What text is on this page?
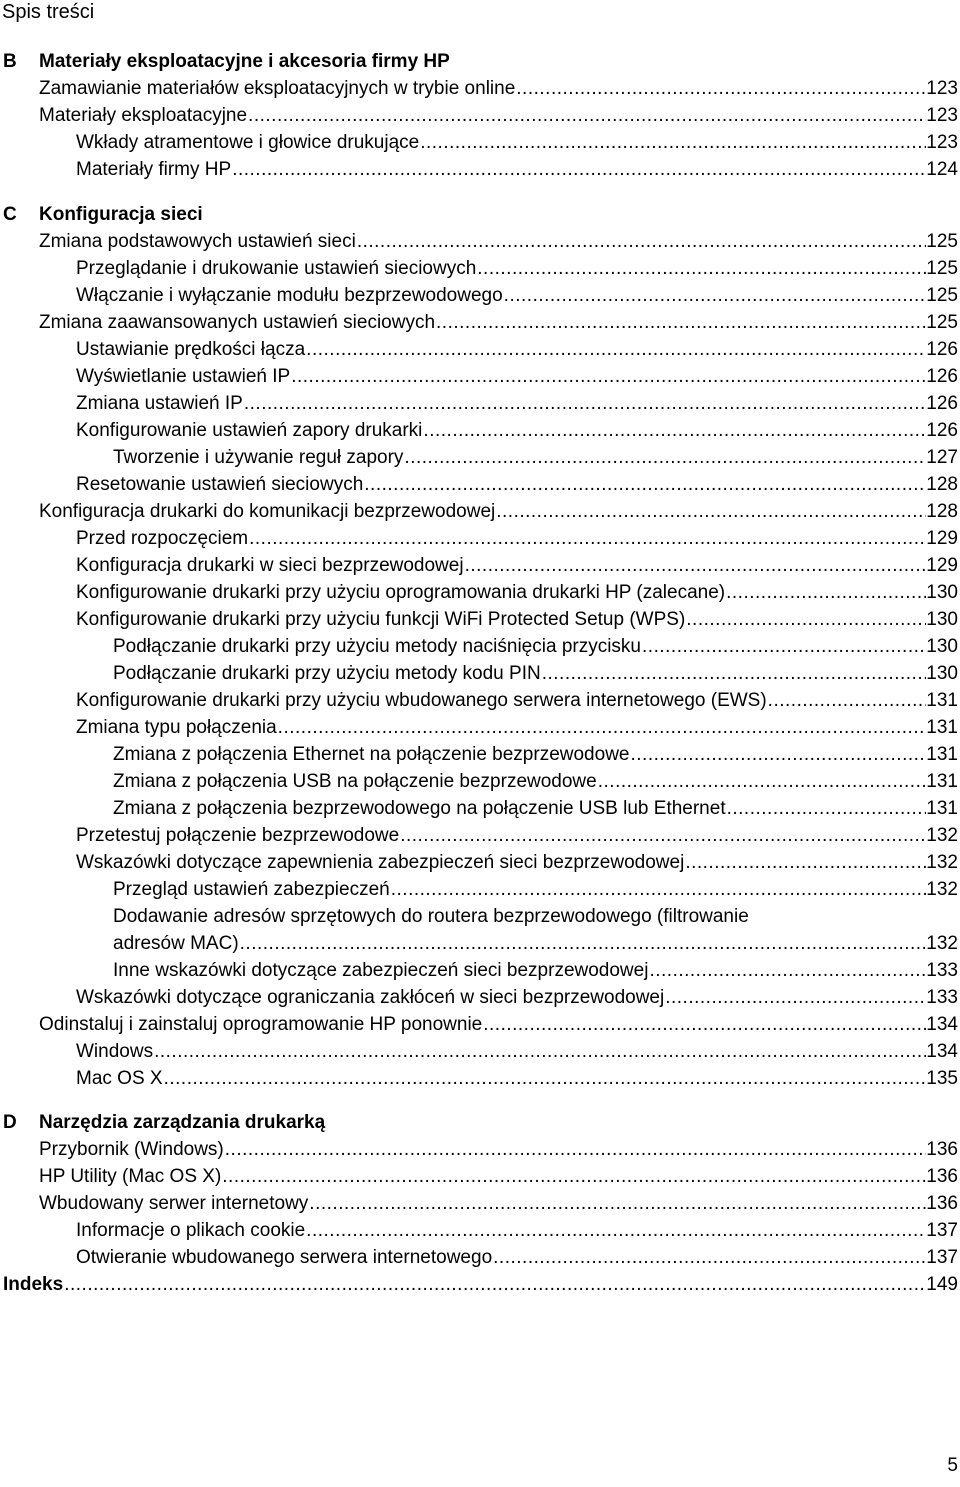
Spis treści
B Materiały eksploatacyjne i akcesoria firmy HP
Zamawianie materiałów eksploatacyjnych w trybie online .....	123
Materiały eksploatacyjne .....	123
Wkłady atramentowe i głowice drukujące .....	123
Materiały firmy HP .....	124
C Konfiguracja sieci
Zmiana podstawowych ustawień sieci .....	125
Przeglądanie i drukowanie ustawień sieciowych .....	125
Włączanie i wyłączanie modułu bezprzewodowego .....	125
Zmiana zaawansowanych ustawień sieciowych .....	125
Ustawianie prędkości łącza .....	126
Wyświetlanie ustawień IP .....	126
Zmiana ustawień IP .....	126
Konfigurowanie ustawień zapory drukarki .....	126
Tworzenie i używanie reguł zapory .....	127
Resetowanie ustawień sieciowych .....	128
Konfiguracja drukarki do komunikacji bezprzewodowej .....	128
Przed rozpoczęciem .....	129
Konfiguracja drukarki w sieci bezprzewodowej .....	129
Konfigurowanie drukarki przy użyciu oprogramowania drukarki HP (zalecane) .....	130
Konfigurowanie drukarki przy użyciu funkcji WiFi Protected Setup (WPS) .....	130
Podłączanie drukarki przy użyciu metody naciśnięcia przycisku .....	130
Podłączanie drukarki przy użyciu metody kodu PIN .....	130
Konfigurowanie drukarki przy użyciu wbudowanego serwera internetowego (EWS) .....	131
Zmiana typu połączenia .....	131
Zmiana z połączenia Ethernet na połączenie bezprzewodowe .....	131
Zmiana z połączenia USB na połączenie bezprzewodowe .....	131
Zmiana z połączenia bezprzewodowego na połączenie USB lub Ethernet .....	131
Przetestuj połączenie bezprzewodowe .....	132
Wskazówki dotyczące zapewnienia zabezpieczeń sieci bezprzewodowej .....	132
Przegląd ustawień zabezpieczeń .....	132
Dodawanie adresów sprzętowych do routera bezprzewodowego (filtrowanie
adresów MAC) .....	132
Inne wskazówki dotyczące zabezpieczeń sieci bezprzewodowej .....	133
Wskazówki dotyczące ograniczania zakłóceń w sieci bezprzewodowej .....	133
Odinstaluj i zainstaluj oprogramowanie HP ponownie .....	134
Windows .....	134
Mac OS X .....	135
D Narzędzia zarządzania drukarką
Przybornik (Windows) .....	136
HP Utility (Mac OS X) .....	136
Wbudowany serwer internetowy .....	136
Informacje o plikach cookie .....	137
Otwieranie wbudowanego serwera internetowego .....	137
Indeks .....	149
5
